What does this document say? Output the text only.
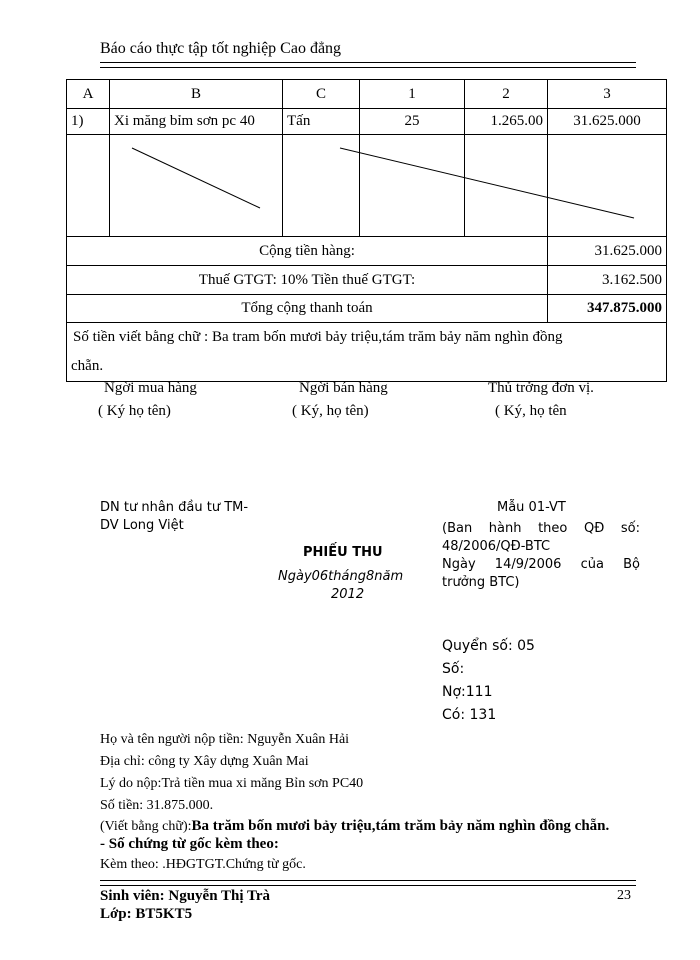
Báo cáo thực tập tốt nghiệp Cao đẳng
A	B	C	1	2	3
1)	Xi măng bỉm sơn pc 40	Tấn	25	1.265.00	31.625.000

Cộng tiền hàng:					31.625.000
Thuế GTGT: 10% Tiền thuế GTGT:					3.162.500
Tổng cộng thanh toán					347.875.000

Số tiền viết bằng chữ : Ba tram bốn mươi bảy triệu,tám trăm bảy năm nghìn đồng
chẵn.					
Ngời mua hàng
( Ký họ tên)
Ngời bán hàng
( Ký, họ tên)
Thủ trởng đơn vị.
( Ký, họ tên
DN tư nhân đầu tư TM-
DV Long Việt
Mẫu 01-VT
(Ban hành theo QĐ số:
48/2006/QĐ-BTC
Ngày 14/9/2006 của Bộ
trưởng BTC)
PHIẾU THU
Ngày06tháng8năm
2012
Quyển số: 05
Số:
Nợ:111
Có: 131
Họ và tên người nộp tiền: Nguyễn Xuân Hải
Địa chỉ: công ty Xây dựng Xuân Mai
Lý do nộp:Trả tiền mua xi măng Bỉn sơn PC40
Số tiền: 31.875.000.
(Viết bằng chữ):Ba trăm bốn mươi bảy triệu,tám trăm bảy năm nghìn đồng chẵn.
- Số chứng từ gốc kèm theo:
Kèm theo: .HĐGTGT.Chứng từ gốc.
Sinh viên: Nguyễn Thị Trà
Lớp: BT5KT5
23
